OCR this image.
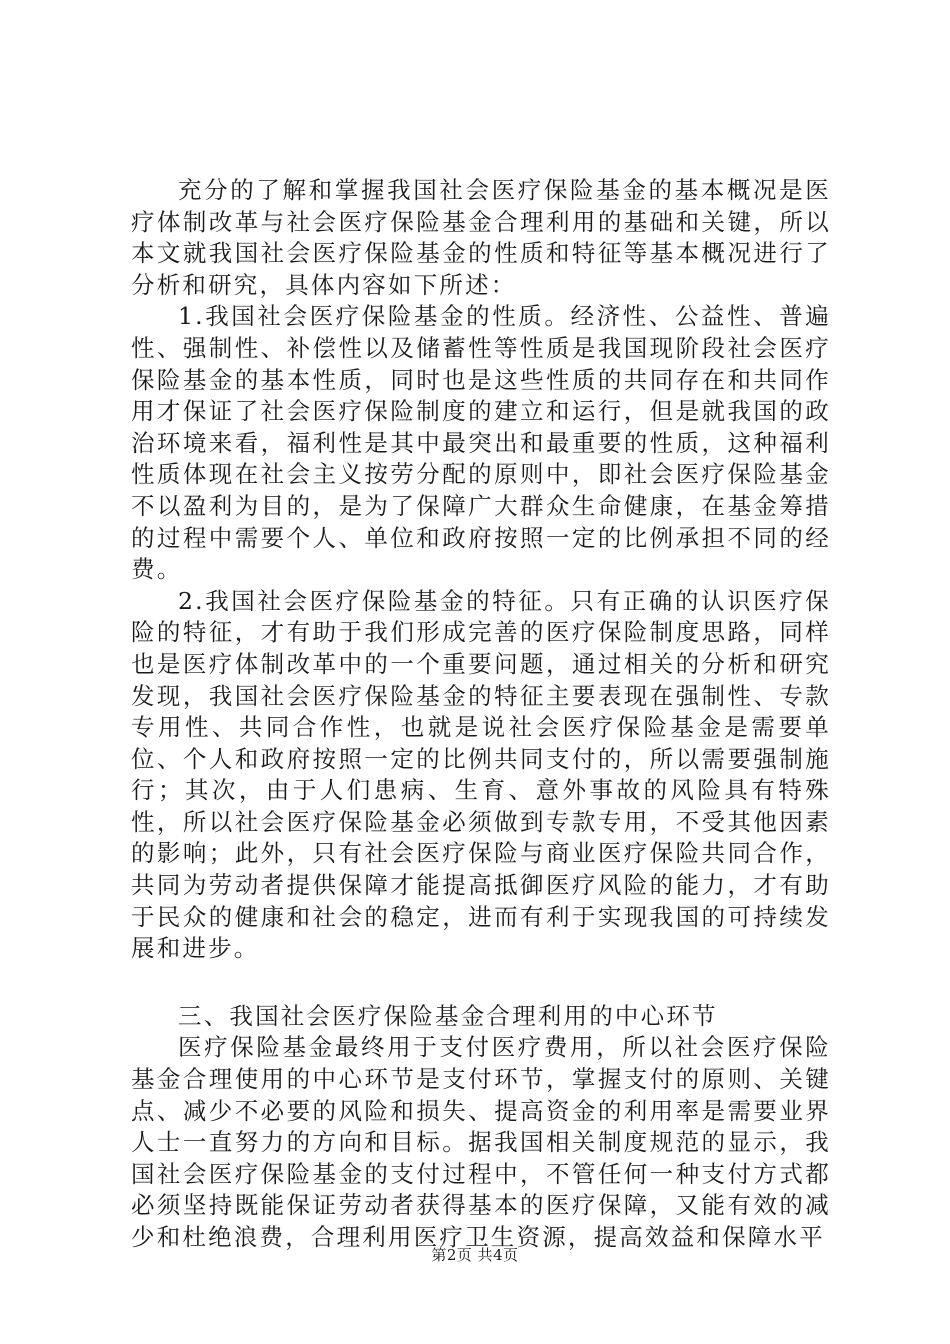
充分的了解和掌握我国社会医疗保险基金的基本概况是医疗体制改革与社会医疗保险基金合理利用的基础和关键，所以本文就我国社会医疗保险基金的性质和特征等基本概况进行了分析和研究，具体内容如下所述：

1.我国社会医疗保险基金的性质。经济性、公益性、普遍性、强制性、补偿性以及储蓄性等性质是我国现阶段社会医疗保险基金的基本性质，同时也是这些性质的共同存在和共同作用才保证了社会医疗保险制度的建立和运行，但是就我国的政治环境来看，福利性是其中最突出和最重要的性质，这种福利性质体现在社会主义按劳分配的原则中，即社会医疗保险基金不以盈利为目的，是为了保障广大群众生命健康，在基金筹措的过程中需要个人、单位和政府按照一定的比例承担不同的经费。

2.我国社会医疗保险基金的特征。只有正确的认识医疗保险的特征，才有助于我们形成完善的医疗保险制度思路，同样也是医疗体制改革中的一个重要问题，通过相关的分析和研究发现，我国社会医疗保险基金的特征主要表现在强制性、专款专用性、共同合作性，也就是说社会医疗保险基金是需要单位、个人和政府按照一定的比例共同支付的，所以需要强制施行；其次，由于人们患病、生育、意外事故的风险具有特殊性，所以社会医疗保险基金必须做到专款专用，不受其他因素的影响；此外，只有社会医疗保险与商业医疗保险共同合作，共同为劳动者提供保障才能提高抵御医疗风险的能力，才有助于民众的健康和社会的稳定，进而有利于实现我国的可持续发展和进步。

三、我国社会医疗保险基金合理利用的中心环节

医疗保险基金最终用于支付医疗费用，所以社会医疗保险基金合理使用的中心环节是支付环节，掌握支付的原则、关键点、减少不必要的风险和损失、提高资金的利用率是需要业界人士一直努力的方向和目标。据我国相关制度规范的显示，我国社会医疗保险基金的支付过程中，不管任何一种支付方式都必须坚持既能保证劳动者获得基本的医疗保障，又能有效的减少和杜绝浪费，合理利用医疗卫生资源，提高效益和保障水平

第2页 共4页
